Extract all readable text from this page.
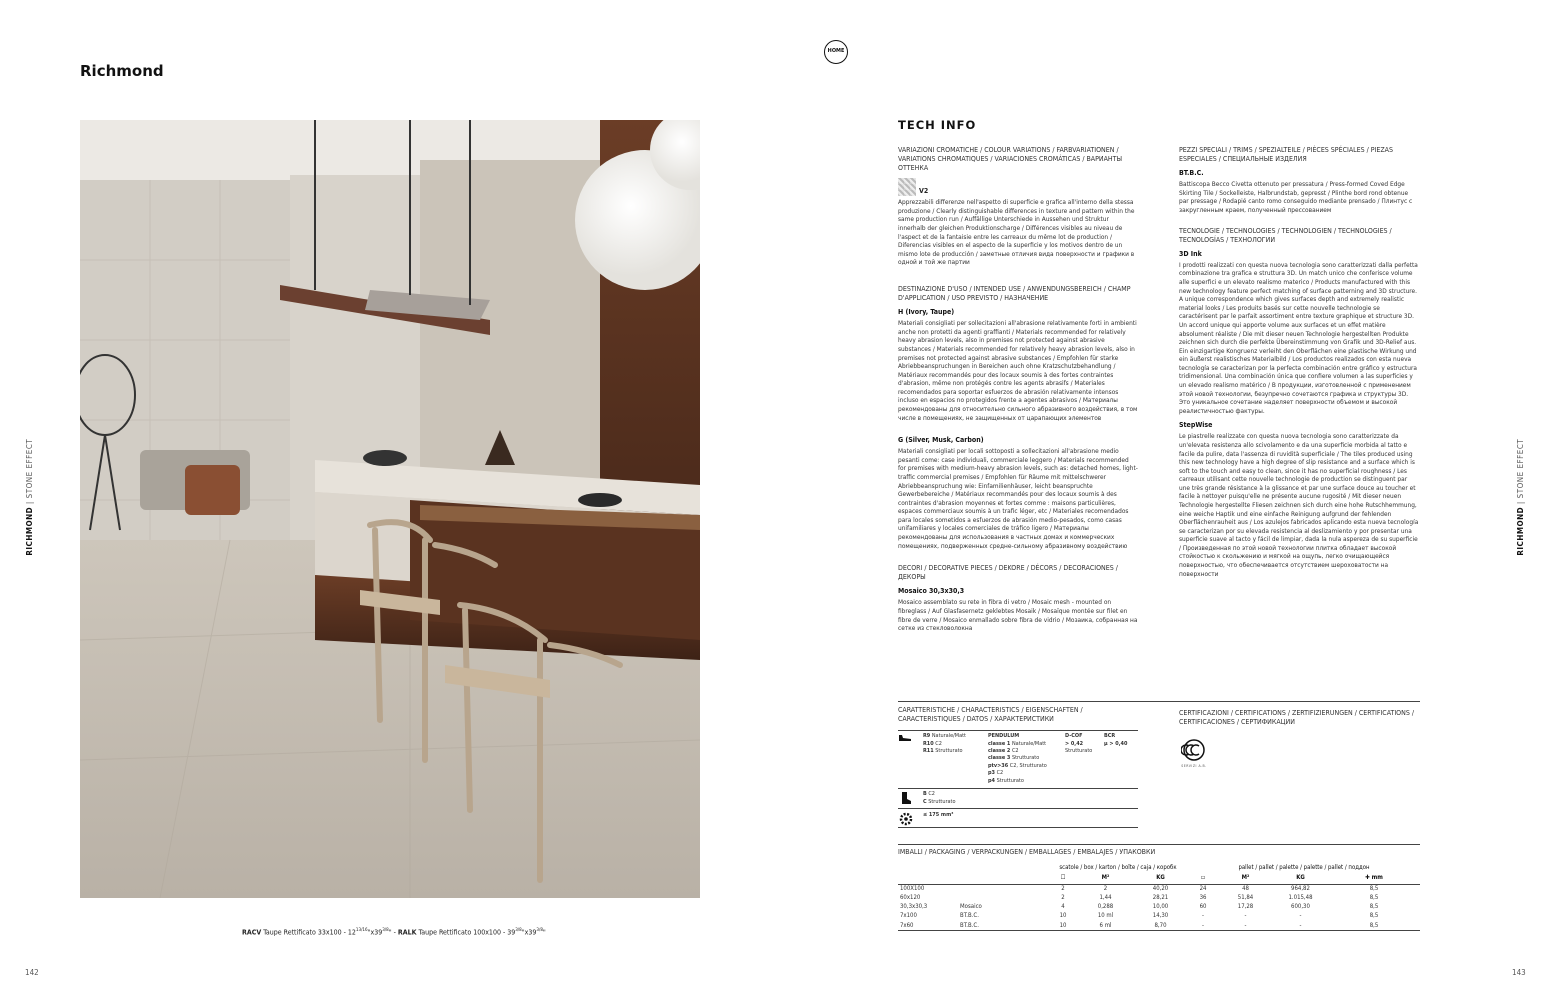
Richmond
HOME
RICHMOND | STONE EFFECT
RICHMOND | STONE EFFECT
RACV Taupe Rettificato $33x100 - 12^{13/16}"x39^{3/8}$" - RALK Taupe Rettificato $100x100 - 39^{3/8}"x39^{3/8}$"
142	143
TECH INFO
VARIAZIONI CROMATICHE / COLOUR VARIATIONS / FARBVARIATIONEN / VARIATIONS CHROMATIQUES / VARIACIONES CROMÁTICAS / ВАРИАНТЫ ОТТЕНКА
V2
Apprezzabili differenze nell'aspetto di superficie e grafica all'interno della stessa produzione / Clearly distinguishable differences in texture and pattern within the same production run / Auffällige Unterschiede in Aussehen und Struktur innerhalb der gleichen Produktionscharge / Différences visibles au niveau de l'aspect et de la fantaisie entre les carreaux du même lot de production / Diferencias visibles en el aspecto de la superficie y los motivos dentro de un mismo lote de producción / заметные отличия вида поверхности и графики в одной и той же партии
DESTINAZIONE D'USO / INTENDED USE / ANWENDUNGSBEREICH / CHAMP D'APPLICATION / USO PREVISTO / НАЗНАЧЕНИЕ
H (Ivory, Taupe)
Materiali consigliati per sollecitazioni all'abrasione relativamente forti in ambienti anche non protetti da agenti graffianti / Materials recommended for relatively heavy abrasion levels, also in premises not protected against abrasive substances / Materials recommended for relatively heavy abrasion levels, also in premises not protected against abrasive substances / Empfohlen für starke Abriebbeanspruchungen in Bereichen auch ohne Kratzschutzbehandlung / Matériaux recommandés pour des locaux soumis à des fortes contraintes d'abrasion, même non protégés contre les agents abrasifs / Materiales recomendados para soportar esfuerzos de abrasión relativamente intensos incluso en espacios no protegidos frente a agentes abrasivos / Материалы рекомендованы для относительно сильного абразивного воздействия, в том числе в помещениях, не защищенных от царапающих элементов
G (Silver, Musk, Carbon)
Materiali consigliati per locali sottoposti a sollecitazioni all'abrasione medio pesanti come: case individuali, commerciale leggero / Materials recommended for premises with medium-heavy abrasion levels, such as: detached homes, light-traffic commercial premises / Empfohlen für Räume mit mittelschwerer Abriebbeanspruchung wie: Einfamilienhäuser, leicht beanspruchte Gewerbebereiche / Matériaux recommandés pour des locaux soumis à des contraintes d'abrasion moyennes et fortes comme : maisons particulières, espaces commerciaux soumis à un trafic léger, etc / Materiales recomendados para locales sometidos a esfuerzos de abrasión medio-pesados, como casas unifamiliares y locales comerciales de tráfico ligero / Материалы рекомендованы для использования в частных домах и коммерческих помещениях, подверженных средне-сильному абразивному воздействию
DECORI / DECORATIVE PIECES / DEKORE / DÉCORS / DECORACIONES / ДЕКОРЫ
Mosaico 30,3x30,3
Mosaico assemblato su rete in fibra di vetro / Mosaic mesh - mounted on fibreglass / Auf Glasfasernetz geklebtes Mosaik / Mosaïque montée sur filet en fibre de verre / Mosaico enmallado sobre fibra de vidrio / Мозаика, собранная на сетке из стекловолокна
PEZZI SPECIALI / TRIMS / SPEZIALTEILE / PIÈCES SPÉCIALES / PIEZAS ESPECIALES / СПЕЦИАЛЬНЫЕ ИЗДЕЛИЯ
BT.B.C.
Battiscopa Becco Civetta ottenuto per pressatura / Press-formed Coved Edge Skirting Tile / Sockelleiste, Halbrundstab, gepresst / Plinthe bord rond obtenue par pressage / Rodapié canto romo conseguido mediante prensado / Плинтус с закругленным краем, полученный прессованием
TECNOLOGIE / TECHNOLOGIES / TECHNOLOGIEN / TECHNOLOGIES / TECNOLOGÍAS / ТЕХНОЛОГИИ
3D Ink
I prodotti realizzati con questa nuova tecnologia sono caratterizzati dalla perfetta combinazione tra grafica e struttura 3D. Un match unico che conferisce volume alle superfici e un elevato realismo materico / Products manufactured with this new technology feature perfect matching of surface patterning and 3D structure. A unique correspondence which gives surfaces depth and extremely realistic material looks / Les produits basés sur cette nouvelle technologie se caractérisent par le parfait assortiment entre texture graphique et structure 3D. Un accord unique qui apporte volume aux surfaces et un effet matière absolument réaliste / Die mit dieser neuen Technologie hergestellten Produkte zeichnen sich durch die perfekte Übereinstimmung von Grafik und 3D-Relief aus. Ein einzigartige Kongruenz verleiht den Oberflächen eine plastische Wirkung und ein äußerst realistisches Materialbild / Los productos realizados con esta nueva tecnología se caracterizan por la perfecta combinación entre gráfico y estructura tridimensional. Una combinación única que confiere volumen a las superficies y un elevado realismo matérico / В продукции, изготовленной с применением этой новой технологии, безупречно сочетаются графика и структуры 3D. Это уникальное сочетание наделяет поверхности объемом и высокой реалистичностью фактуры.
StepWise
Le piastrelle realizzate con questa nuova tecnologia sono caratterizzate da un'elevata resistenza allo scivolamento e da una superficie morbida al tatto e facile da pulire, data l'assenza di ruvidità superficiale / The tiles produced using this new technology have a high degree of slip resistance and a surface which is soft to the touch and easy to clean, since it has no superficial roughness / Les carreaux utilisant cette nouvelle technologie de production se distinguent par une très grande résistance à la glissance et par une surface douce au toucher et facile à nettoyer puisqu'elle ne présente aucune rugosité / Mit dieser neuen Technologie hergestellte Fliesen zeichnen sich durch eine hohe Rutschhemmung, eine weiche Haptik und eine einfache Reinigung aufgrund der fehlenden Oberflächenrauheit aus / Los azulejos fabricados aplicando esta nueva tecnología se caracterizan por su elevada resistencia al deslizamiento y por presentar una superficie suave al tacto y fácil de limpiar, dada la nula aspereza de su superficie / Произведенная по этой новой технологии плитка обладает высокой стойкостью к скольжению и мягкой на ощупь, легко очищающейся поверхностью, что обеспечивается отсутствием шероховатости на поверхности
CARATTERISTICHE / CHARACTERISTICS / EIGENSCHAFTEN / CARACTERISTIQUES / DATOS / ХАРАКТЕРИСТИКИ
R9 Naturale/Matt
R10 C2
R11 Strutturato
PENDULUM
classe 1 Naturale/Matt
classe 2 C2
classe 3 Strutturato
ptv>36 C2, Strutturato
p3 C2
p4 Strutturato
D-COF
> 0,42
Strutturato
BCR
μ > 0,40
B C2
C Strutturato
≤ 175 mm³
CERTIFICAZIONI / CERTIFICATIONS / ZERTIFIZIERUNGEN / CERTIFICATIONS / CERTIFICACIONES / СЕРТИФИКАЦИИ
SERVIZI A.B.
IMBALLI / PACKAGING / VERPACKUNGEN / EMBALLAGES / EMBALAJES / УПАКОВКИ
		scatole / box / karton / boîte / caja / коробк			pallet / pallet / palette / palette / pallet / поддон			
		☐	M²	KG	▭	M²	KG	✚ mm
100X100		2	2	40,20	24	48	964,82	8,5
60x120		2	1,44	28,21	36	51,84	1.015,48	8,5
30,3x30,3	Mosaico	4	0,288	10,00	60	17,28	600,30	8,5
7x100	BT.B.C.	10	10 ml	14,30	-	-	-	8,5
7x60	BT.B.C.	10	6 ml	8,70	-	-	-	8,5
